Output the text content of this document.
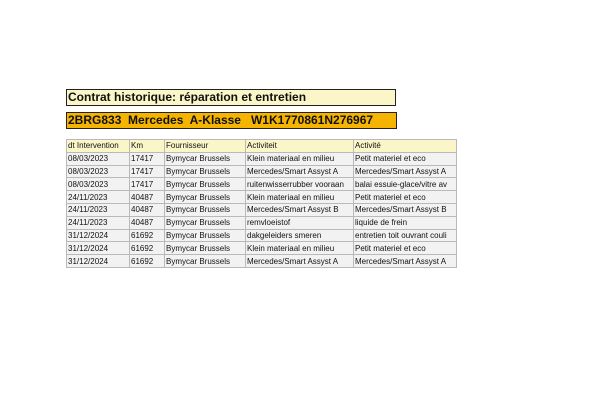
Contrat historique: réparation et entretien
2BRG833  Mercedes  A-Klasse   W1K1770861N276967
dt Intervention	Km	Fournisseur	Activiteit	Activité
08/03/2023	17417	Bymycar Brussels	Klein materiaal en milieu	Petit materiel et eco
08/03/2023	17417	Bymycar Brussels	Mercedes/Smart Assyst A	Mercedes/Smart Assyst A
08/03/2023	17417	Bymycar Brussels	ruitenwisserrubber vooraan	balai essuie-glace/vitre av
24/11/2023	40487	Bymycar Brussels	Klein materiaal en milieu	Petit materiel et eco
24/11/2023	40487	Bymycar Brussels	Mercedes/Smart Assyst B	Mercedes/Smart Assyst B
24/11/2023	40487	Bymycar Brussels	remvloeistof	liquide de frein
31/12/2024	61692	Bymycar Brussels	dakgeleiders smeren	entretien toit ouvrant couli
31/12/2024	61692	Bymycar Brussels	Klein materiaal en milieu	Petit materiel et eco
31/12/2024	61692	Bymycar Brussels	Mercedes/Smart Assyst A	Mercedes/Smart Assyst A
